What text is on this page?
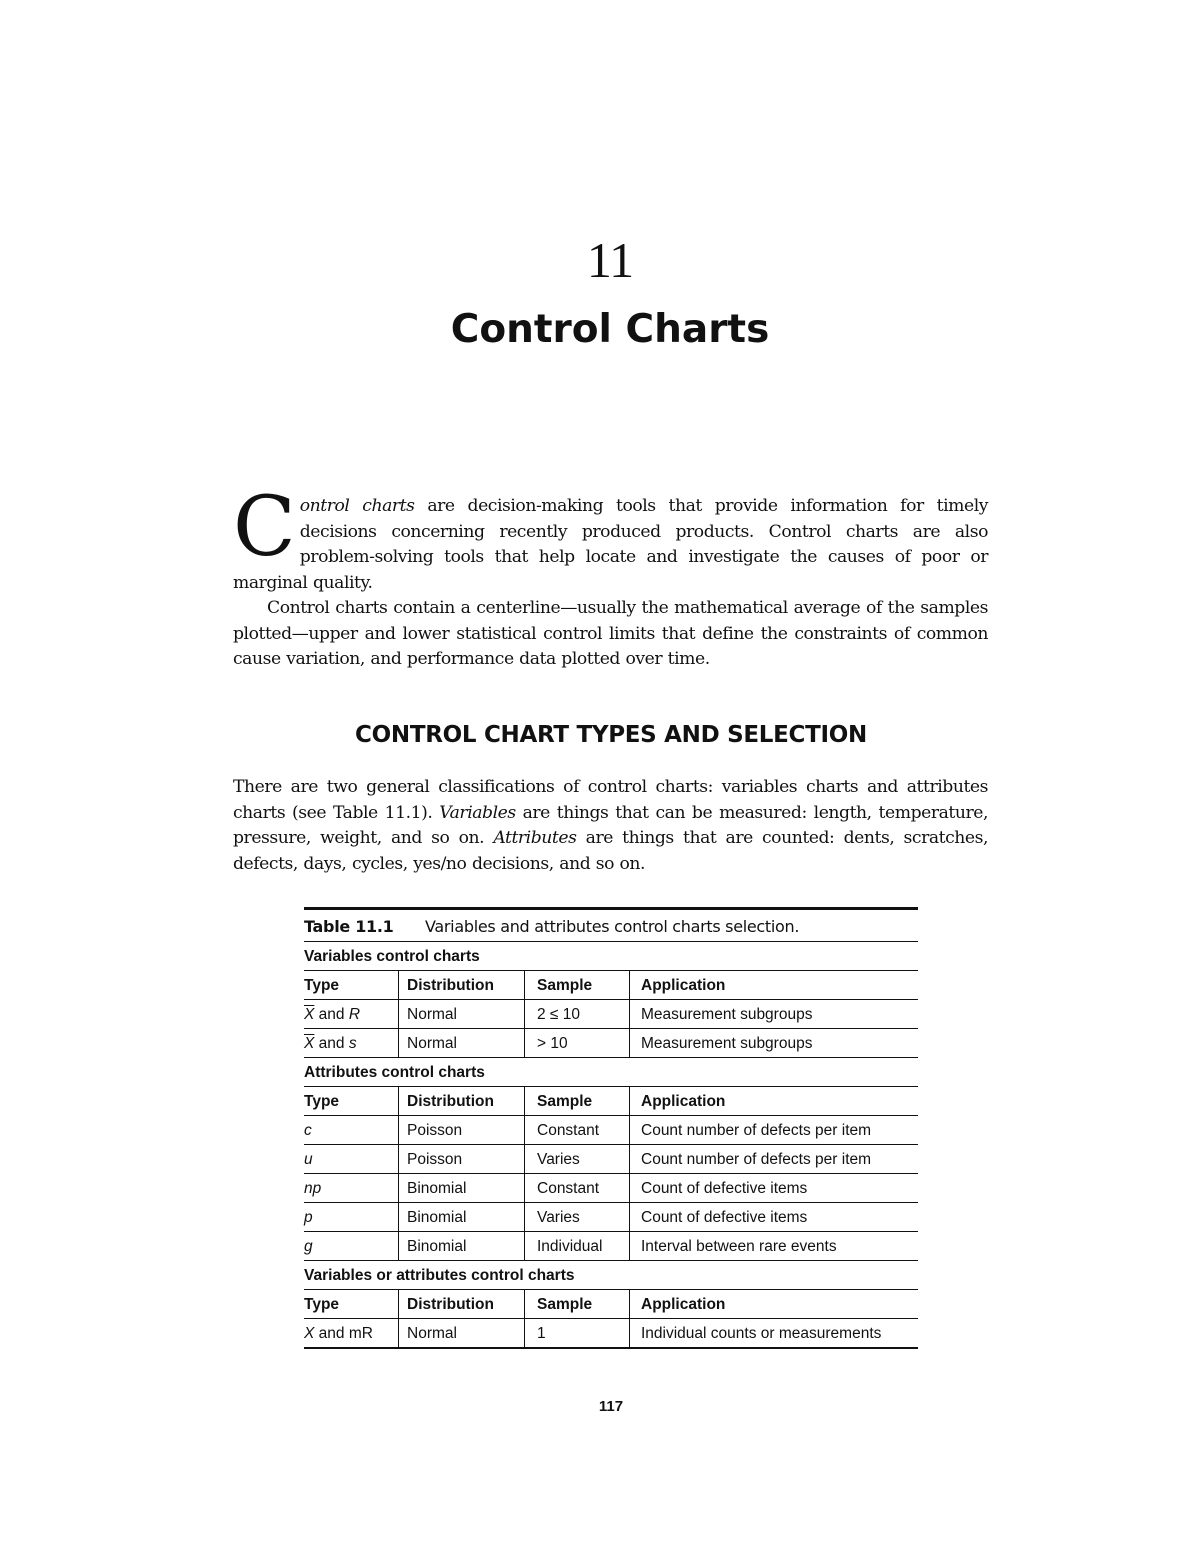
11
Control Charts
Control charts are decision-making tools that provide information for timely decisions concerning recently produced products. Control charts are also problem-solving tools that help locate and investigate the causes of poor or marginal quality.
Control charts contain a centerline—usually the mathematical average of the samples plotted—upper and lower statistical control limits that define the constraints of common cause variation, and performance data plotted over time.
CONTROL CHART TYPES AND SELECTION
There are two general classifications of control charts: variables charts and attributes charts (see Table 11.1). Variables are things that can be measured: length, temperature, pressure, weight, and so on. Attributes are things that are counted: dents, scratches, defects, days, cycles, yes/no decisions, and so on.
Table 11.1 Variables and attributes control charts selection.
Variables control charts
Type	Distribution	Sample	Application
$\overline{X}$ and R	Normal	2 ≤ 10	Measurement subgroups
$\overline{X}$ and s	Normal	> 10	Measurement subgroups
Attributes control charts
Type	Distribution	Sample	Application
c	Poisson	Constant	Count number of defects per item
u	Poisson	Varies	Count number of defects per item
np	Binomial	Constant	Count of defective items
p	Binomial	Varies	Count of defective items
g	Binomial	Individual	Interval between rare events
Variables or attributes control charts
Type	Distribution	Sample	Application
X and mR	Normal	1	Individual counts or measurements
117
